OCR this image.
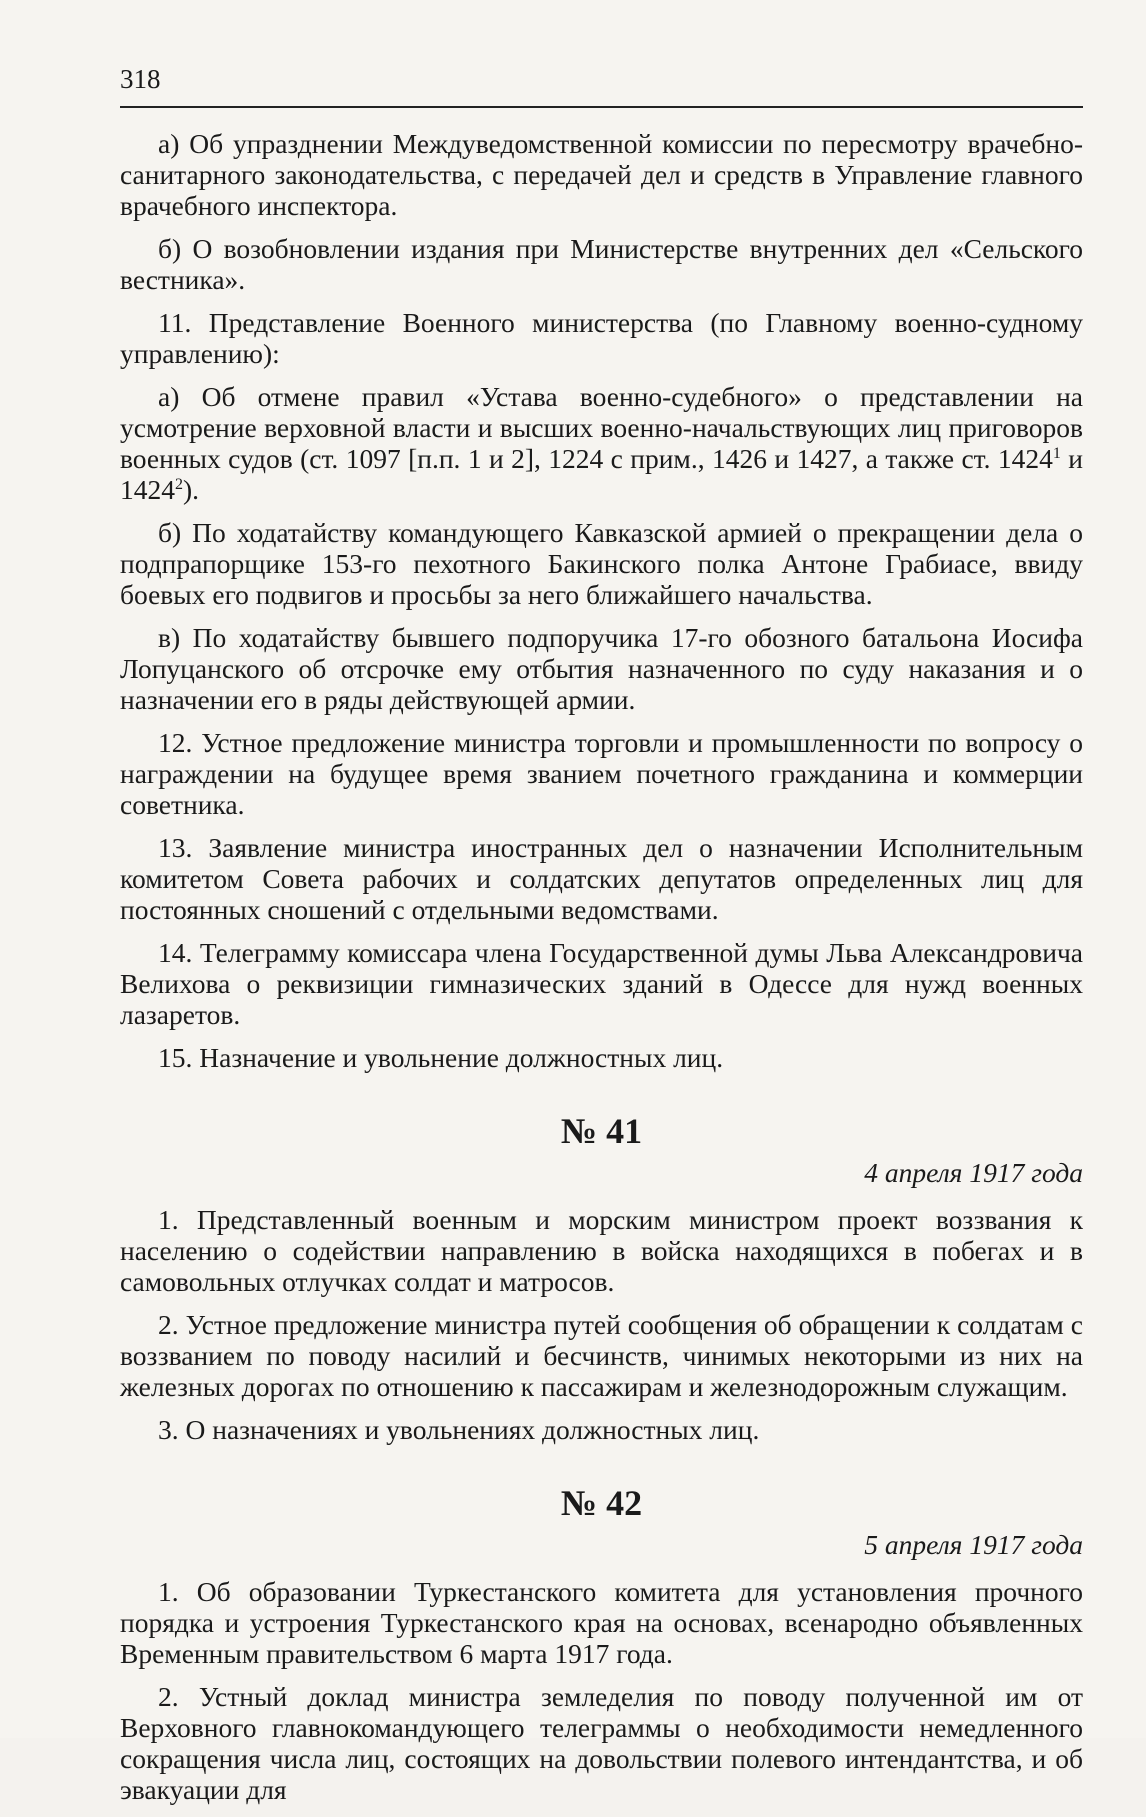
318

а) Об упразднении Междуведомственной комиссии по пересмотру врачебно-санитарного законодательства, с передачей дел и средств в Управление главного врачебного инспектора.

б) О возобновлении издания при Министерстве внутренних дел «Сельского вестника».

11. Представление Военного министерства (по Главному военно-судному управлению):

а) Об отмене правил «Устава военно-судебного» о представлении на усмотрение верховной власти и высших военно-начальствующих лиц приговоров военных судов (ст. 1097 [п.п. 1 и 2], 1224 с прим., 1426 и 1427, а также ст. 1424$^1$ и 1424$^2$).

б) По ходатайству командующего Кавказской армией о прекращении дела о подпрапорщике 153-го пехотного Бакинского полка Антоне Грабиасе, ввиду боевых его подвигов и просьбы за него ближайшего начальства.

в) По ходатайству бывшего подпоручика 17-го обозного батальона Иосифа Лопуцанского об отсрочке ему отбытия назначенного по суду наказания и о назначении его в ряды действующей армии.

12. Устное предложение министра торговли и промышленности по вопросу о награждении на будущее время званием почетного гражданина и коммерции советника.

13. Заявление министра иностранных дел о назначении Исполнительным комитетом Совета рабочих и солдатских депутатов определенных лиц для постоянных сношений с отдельными ведомствами.

14. Телеграмму комиссара члена Государственной думы Льва Александровича Велихова о реквизиции гимназических зданий в Одессе для нужд военных лазаретов.

15. Назначение и увольнение должностных лиц.

№ 41
4 апреля 1917 года

1. Представленный военным и морским министром проект воззвания к населению о содействии направлению в войска находящихся в побегах и в самовольных отлучках солдат и матросов.

2. Устное предложение министра путей сообщения об обращении к солдатам с воззванием по поводу насилий и бесчинств, чинимых некоторыми из них на железных дорогах по отношению к пассажирам и железнодорожным служащим.

3. О назначениях и увольнениях должностных лиц.

№ 42
5 апреля 1917 года

1. Об образовании Туркестанского комитета для установления прочного порядка и устроения Туркестанского края на основах, всенародно объявленных Временным правительством 6 марта 1917 года.

2. Устный доклад министра земледелия по поводу полученной им от Верховного главнокомандующего телеграммы о необходимости немедленного сокращения числа лиц, состоящих на довольствии полевого интендантства, и об эвакуации для
